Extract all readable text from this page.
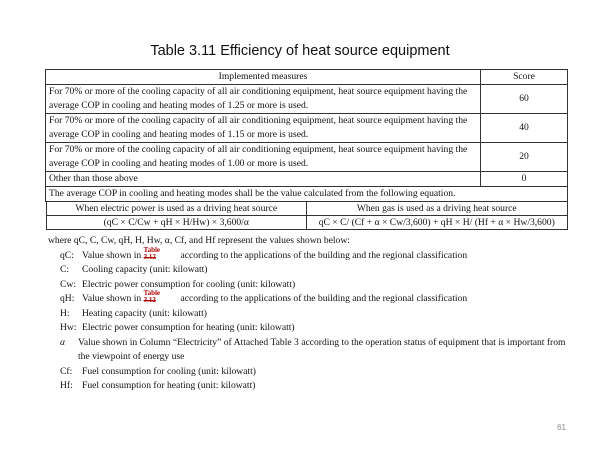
Table 3.11 Efficiency of heat source equipment
Implemented measures	Score
For 70% or more of the cooling capacity of all air conditioning equipment, heat source equipment having the average COP in cooling and heating modes of 1.25 or more is used.	60
For 70% or more of the cooling capacity of all air conditioning equipment, heat source equipment having the average COP in cooling and heating modes of 1.15 or more is used.	40
For 70% or more of the cooling capacity of all air conditioning equipment, heat source equipment having the average COP in cooling and heating modes of 1.00 or more is used.	20
Other than those above	0
The average COP in cooling and heating modes shall be the value calculated from the following equation.

When electric power is used as a driving heat source	When gas is used as a driving heat source
(qC × C/Cw + qH × H/Hw) × 3,600/α	qC × C/ (Cf + α × Cw/3,600) + qH × H/ (Hf + α × Hw/3,600)
where qC, C, Cw, qH, H, Hw, α, Cf, and Hf represent the values shown below:
qC: Value shown in Table
3.12	according to the applications of the building and the regional classification
C:	Cooling capacity (unit: kilowatt)
Cw: Electric power consumption for cooling (unit: kilowatt)
qH: Value shown in Table
3.12	according to the applications of the building and the regional classification
H:	Heating capacity (unit: kilowatt)
Hw: Electric power consumption for heating (unit: kilowatt)
α	Value shown in Column “Electricity” of Attached Table 3 according to the operation status of equipment that is important from the viewpoint of energy use
Cf:	Fuel consumption for cooling (unit: kilowatt)
Hf: Fuel consumption for heating (unit: kilowatt)
61
